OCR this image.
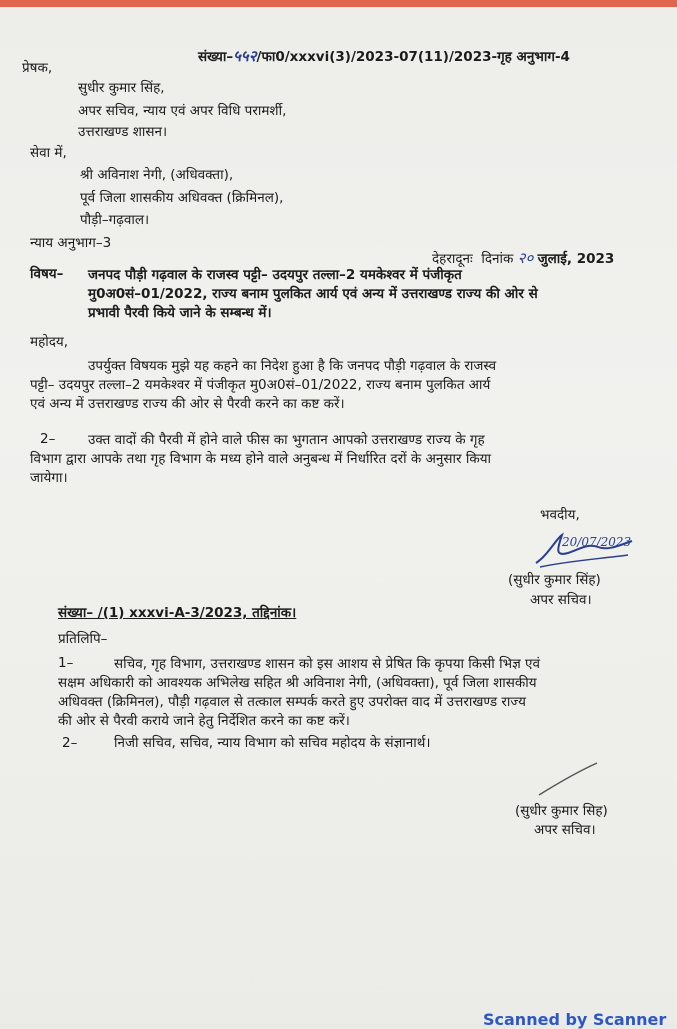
संख्या–५५२/फा0/xxxvi(3)/2023-07(11)/2023-गृह अनुभाग-4
प्रेषक,
सुधीर कुमार सिंह,
अपर सचिव, न्याय एवं अपर विधि परामर्शी,
उत्तराखण्ड शासन।
सेवा में,
श्री अविनाश नेगी, (अधिवक्ता),
पूर्व जिला शासकीय अधिवक्त (क्रिमिनल),
पौड़ी–गढ़वाल।
न्याय अनुभाग–3
देहरादूनः दिनांक २० जुलाई, 2023
विषय– जनपद पौड़ी गढ़वाल के राजस्व पट्टी– उदयपुर तल्ला–2 यमकेश्वर में पंजीकृत
मु0अ0सं–01/2022, राज्य बनाम पुलकित आर्य एवं अन्य में उत्तराखण्ड राज्य की ओर से
प्रभावी पैरवी किये जाने के सम्बन्ध में।
महोदय,
उपर्युक्त विषयक मुझे यह कहने का निदेश हुआ है कि जनपद पौड़ी गढ़वाल के राजस्व
पट्टी– उदयपुर तल्ला–2 यमकेश्वर में पंजीकृत मु0अ0सं–01/2022, राज्य बनाम पुलकित आर्य
एवं अन्य में उत्तराखण्ड राज्य की ओर से पैरवी करने का कष्ट करें।
2–	उक्त वादों की पैरवी में होने वाले फीस का भुगतान आपको उत्तराखण्ड राज्य के गृह
विभाग द्वारा आपके तथा गृह विभाग के मध्य होने वाले अनुबन्ध में निर्धारित दरों के अनुसार किया
जायेगा।
भवदीय,
20/07/2023
(सुधीर कुमार सिंह)
अपर सचिव।
संख्या– /(1) xxxvi-A-3/2023, तद्दिनांक।
प्रतिलिपि–
1–	सचिव, गृह विभाग, उत्तराखण्ड शासन को इस आशय से प्रेषित कि कृपया किसी भिज्ञ एवं
सक्षम अधिकारी को आवश्यक अभिलेख सहित श्री अविनाश नेगी, (अधिवक्ता), पूर्व जिला शासकीय
अधिवक्त (क्रिमिनल), पौड़ी गढ़वाल से तत्काल सम्पर्क करते हुए उपरोक्त वाद में उत्तराखण्ड राज्य
की ओर से पैरवी कराये जाने हेतु निर्देशित करने का कष्ट करें।
2–	निजी सचिव, सचिव, न्याय विभाग को सचिव महोदय के संज्ञानार्थ।
(सुधीर कुमार सिह)
अपर सचिव।
Scanned by Scanner
